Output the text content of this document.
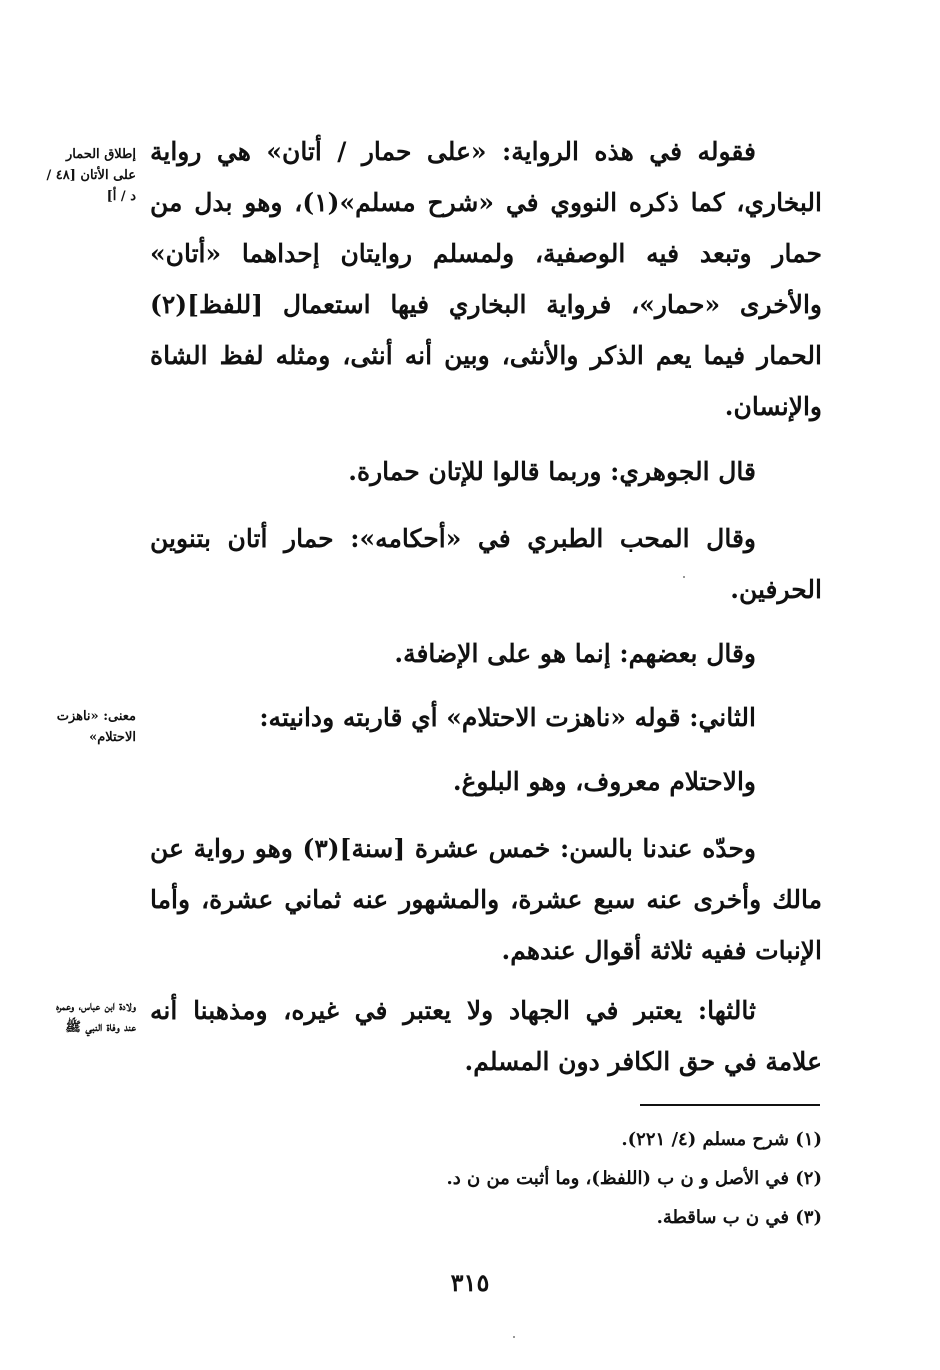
فقوله في هذه الرواية: «على حمار / أتان» هي رواية البخاري، كما ذكره النووي في «شرح مسلم»(١)، وهو بدل من حمار وتبعد فيه الوصفية، ولمسلم روايتان إحداهما «أتان» والأخرى «حمار»، فرواية البخاري فيها استعمال [للفظ](٢) الحمار فيما يعم الذكر والأنثى، وبين أنه أنثى، ومثله لفظ الشاة والإنسان.

قال الجوهري: وربما قالوا للإتان حمارة.

وقال المحب الطبري في «أحكامه»: حمار أتان بتنوين الحرفين.

وقال بعضهم: إنما هو على الإضافة.

الثاني: قوله «ناهزت الاحتلام» أي قاربته ودانيته:

والاحتلام معروف، وهو البلوغ.

وحدّه عندنا بالسن: خمس عشرة [سنة](٣) وهو رواية عن مالك وأخرى عنه سبع عشرة، والمشهور عنه ثماني عشرة، وأما الإنبات ففيه ثلاثة أقوال عندهم.

ثالثها: يعتبر في الجهاد ولا يعتبر في غيره، ومذهبنا أنه علامة في حق الكافر دون المسلم.

إطلاق الحمار على الأتان [٤٨ / د / أ]
معنى: «ناهزت الاحتلام»
ولادة ابن عباس، وعمره عند وفاة النبي ﷺ
(١) شرح مسلم (٤/ ٢٢١).
(٢) في الأصل و ن ب (اللفظ)، وما أثبت من ن د.
(٣) في ن ب ساقطة.
٣١٥
